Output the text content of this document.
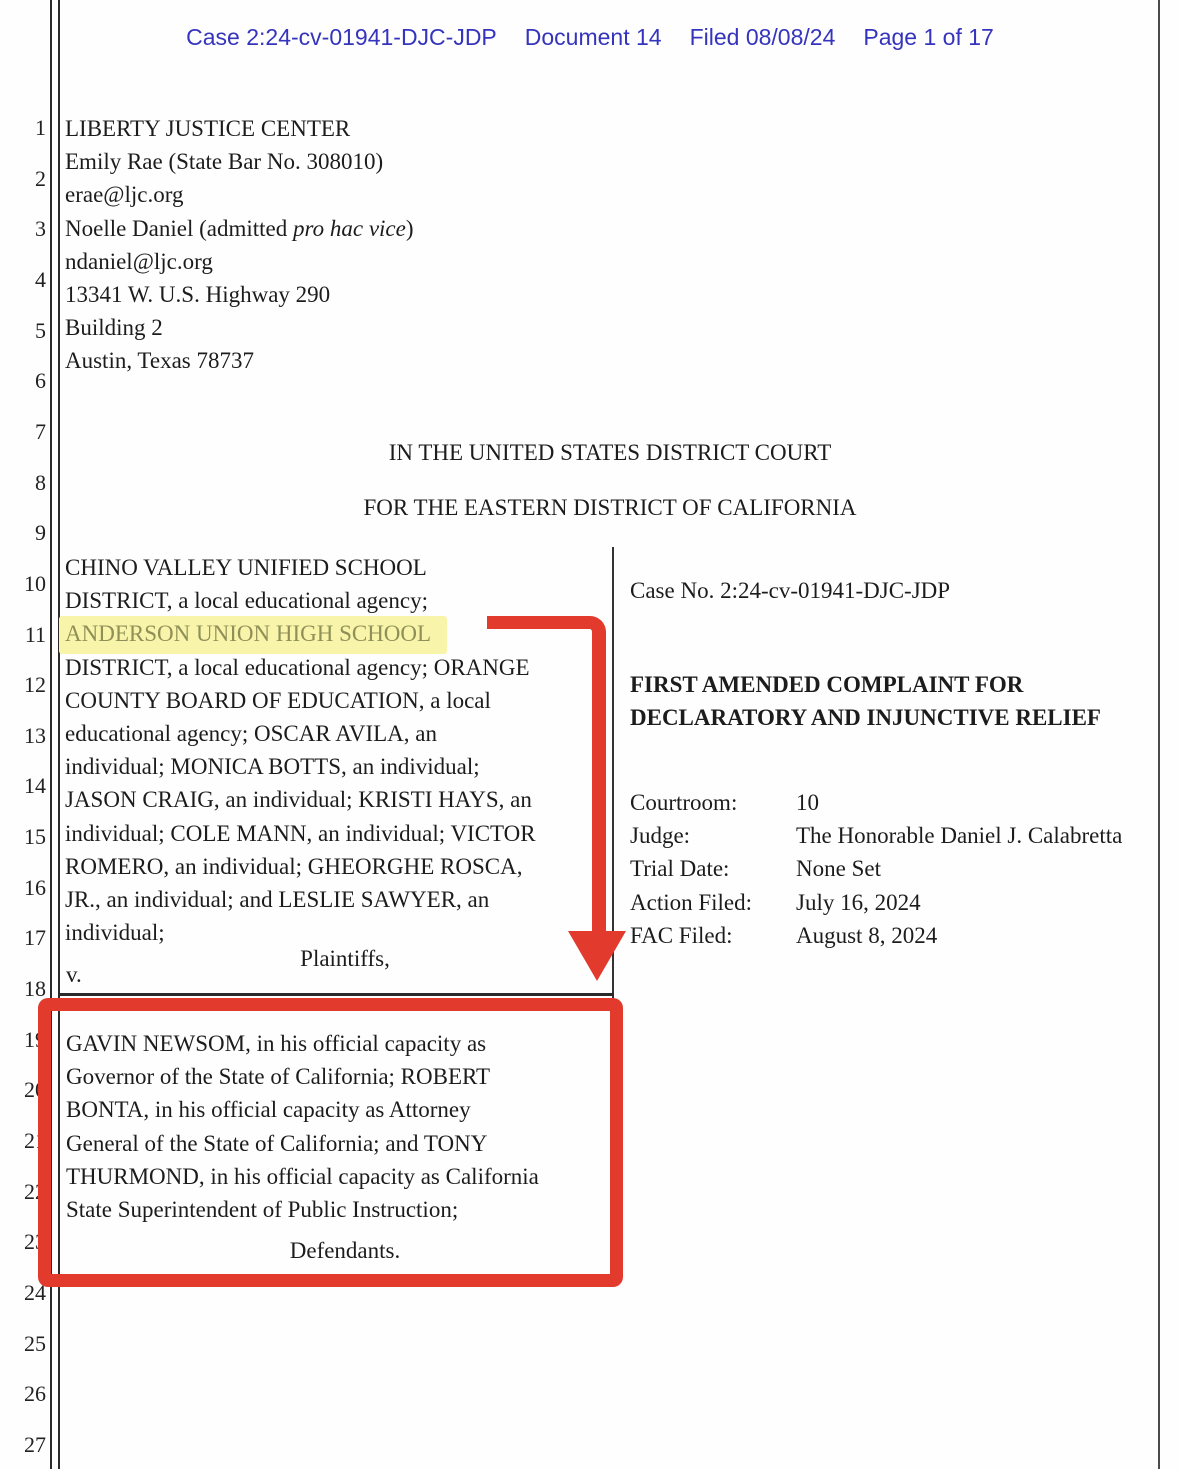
Case 2:24-cv-01941-DJC-JDP Document 14 Filed 08/08/24 Page 1 of 17
1
2
3
4
5
6
7
8
9
10
11
12
13
14
15
16
17
18
19
20
21
22
23
24
25
26
27
LIBERTY JUSTICE CENTER
Emily Rae (State Bar No. 308010)
erae@ljc.org
Noelle Daniel (admitted pro hac vice)
ndaniel@ljc.org
13341 W. U.S. Highway 290
Building 2
Austin, Texas 78737
IN THE UNITED STATES DISTRICT COURT
FOR THE EASTERN DISTRICT OF CALIFORNIA
CHINO VALLEY UNIFIED SCHOOL
DISTRICT, a local educational agency;
ANDERSON UNION HIGH SCHOOL
DISTRICT, a local educational agency; ORANGE
COUNTY BOARD OF EDUCATION, a local
educational agency; OSCAR AVILA, an
individual; MONICA BOTTS, an individual;
JASON CRAIG, an individual; KRISTI HAYS, an
individual; COLE MANN, an individual; VICTOR
ROMERO, an individual; GHEORGHE ROSCA,
JR., an individual; and LESLIE SAWYER, an
individual;
Plaintiffs,
v.
Case No. 2:24-cv-01941-DJC-JDP
FIRST AMENDED COMPLAINT FOR
DECLARATORY AND INJUNCTIVE RELIEF
Courtroom:	10
Judge:	The Honorable Daniel J. Calabretta
Trial Date:	None Set
Action Filed: July 16, 2024
FAC Filed:	August 8, 2024
GAVIN NEWSOM, in his official capacity as
Governor of the State of California; ROBERT
BONTA, in his official capacity as Attorney
General of the State of California; and TONY
THURMOND, in his official capacity as California
State Superintendent of Public Instruction;
Defendants.
